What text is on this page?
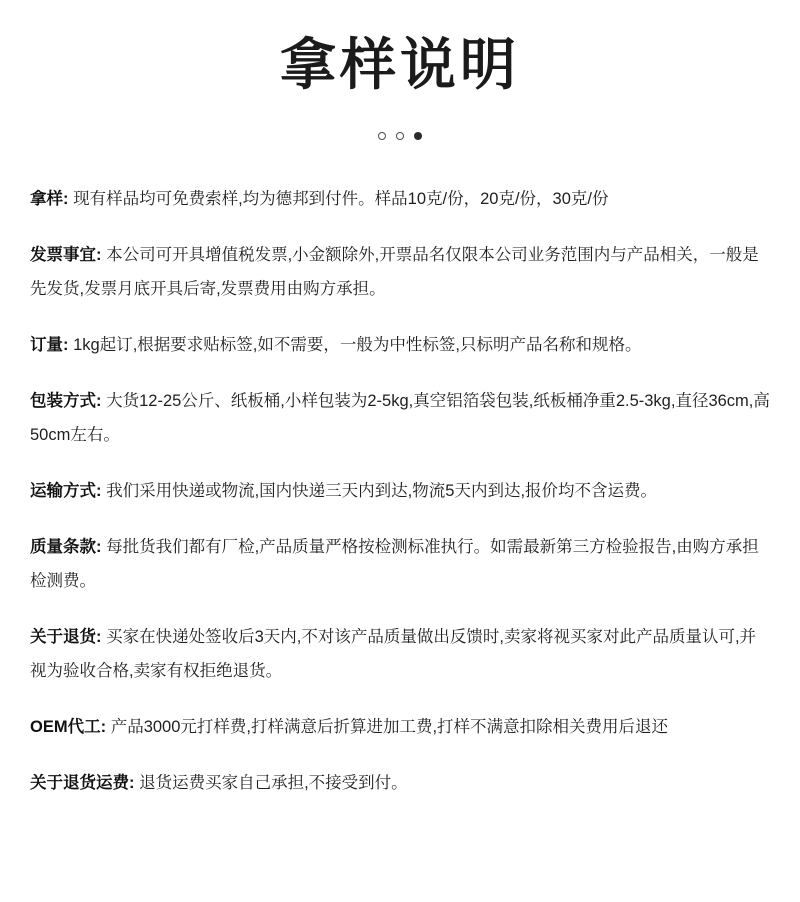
拿样说明

拿样: 现有样品均可免费索样,均为德邦到付件。样品10克/份，20克/份，30克/份

发票事宜: 本公司可开具增值税发票,小金额除外,开票品名仅限本公司业务范围内与产品相关，一般是先发货,发票月底开具后寄,发票费用由购方承担。

订量: 1kg起订,根据要求贴标签,如不需要，一般为中性标签,只标明产品名称和规格。

包装方式: 大货12-25公斤、纸板桶,小样包装为2-5kg,真空铝箔袋包装,纸板桶净重2.5-3kg,直径36cm,高50cm左右。

运输方式: 我们采用快递或物流,国内快递三天内到达,物流5天内到达,报价均不含运费。

质量条款: 每批货我们都有厂检,产品质量严格按检测标准执行。如需最新第三方检验报告,由购方承担检测费。

关于退货: 买家在快递处签收后3天内,不对该产品质量做出反馈时,卖家将视买家对此产品质量认可,并视为验收合格,卖家有权拒绝退货。

OEM代工: 产品3000元打样费,打样满意后折算进加工费,打样不满意扣除相关费用后退还

关于退货运费: 退货运费买家自己承担,不接受到付。
